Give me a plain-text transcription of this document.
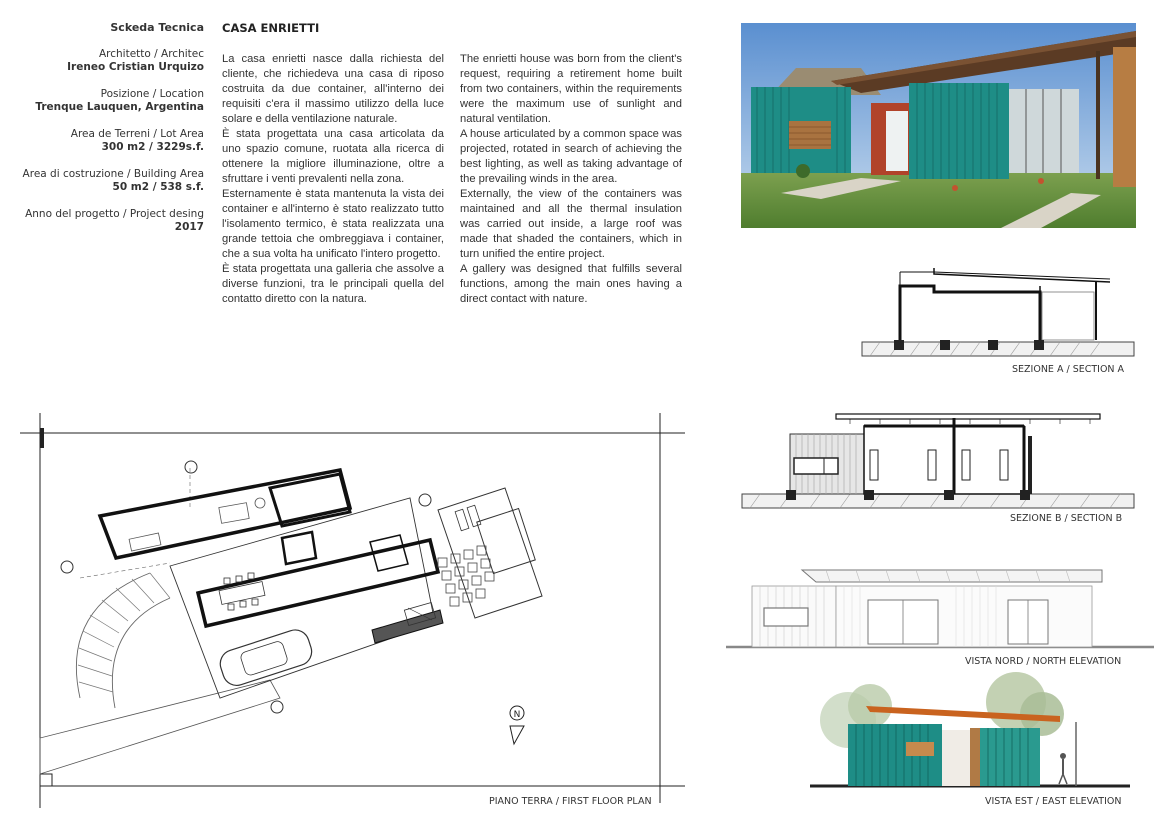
Sckeda Tecnica
Architetto / Architec
Ireneo Cristian Urquizo
Posizione / Location
Trenque Lauquen, Argentina
Area de Terreni / Lot Area
300 m2 / 3229s.f.
Area di costruzione / Building Area
50 m2 / 538 s.f.
Anno del progetto / Project desing
2017
CASA ENRIETTI

La casa enrietti nasce dalla richiesta del cliente, che richiedeva una casa di riposo costruita da due container, all'interno dei requisiti c'era il massimo utilizzo della luce solare e della ventilazione naturale.

È stata progettata una casa articolata da uno spazio comune, ruotata alla ricerca di ottenere la migliore illuminazione, oltre a sfruttare i venti prevalenti nella zona.

Esternamente è stata mantenuta la vista dei container e all'interno è stato realizzato tutto l'isolamento termico, è stata realizzata una grande tettoia che ombreggiava i container, che a sua volta ha unificato l'intero progetto.

È stata progettata una galleria che assolve a diverse funzioni, tra le principali quella del contatto diretto con la natura.

The enrietti house was born from the client's request, requiring a retirement home built from two containers, within the requirements were the maximum use of sunlight and natural ventilation.

A house articulated by a common space was projected, rotated in search of achieving the best lighting, as well as taking advantage of the prevailing winds in the area.

Externally, the view of the containers was maintained and all the thermal insulation was carried out inside, a large roof was made that shaded the containers, which in turn unified the entire project.

A gallery was designed that fulfills several functions, among the main ones having a direct contact with nature.

SEZIONE A / SECTION A
SEZIONE B / SECTION B
VISTA NORD / NORTH ELEVATION
VISTA EST / EAST ELEVATION
N
PIANO TERRA / FIRST FLOOR PLAN
